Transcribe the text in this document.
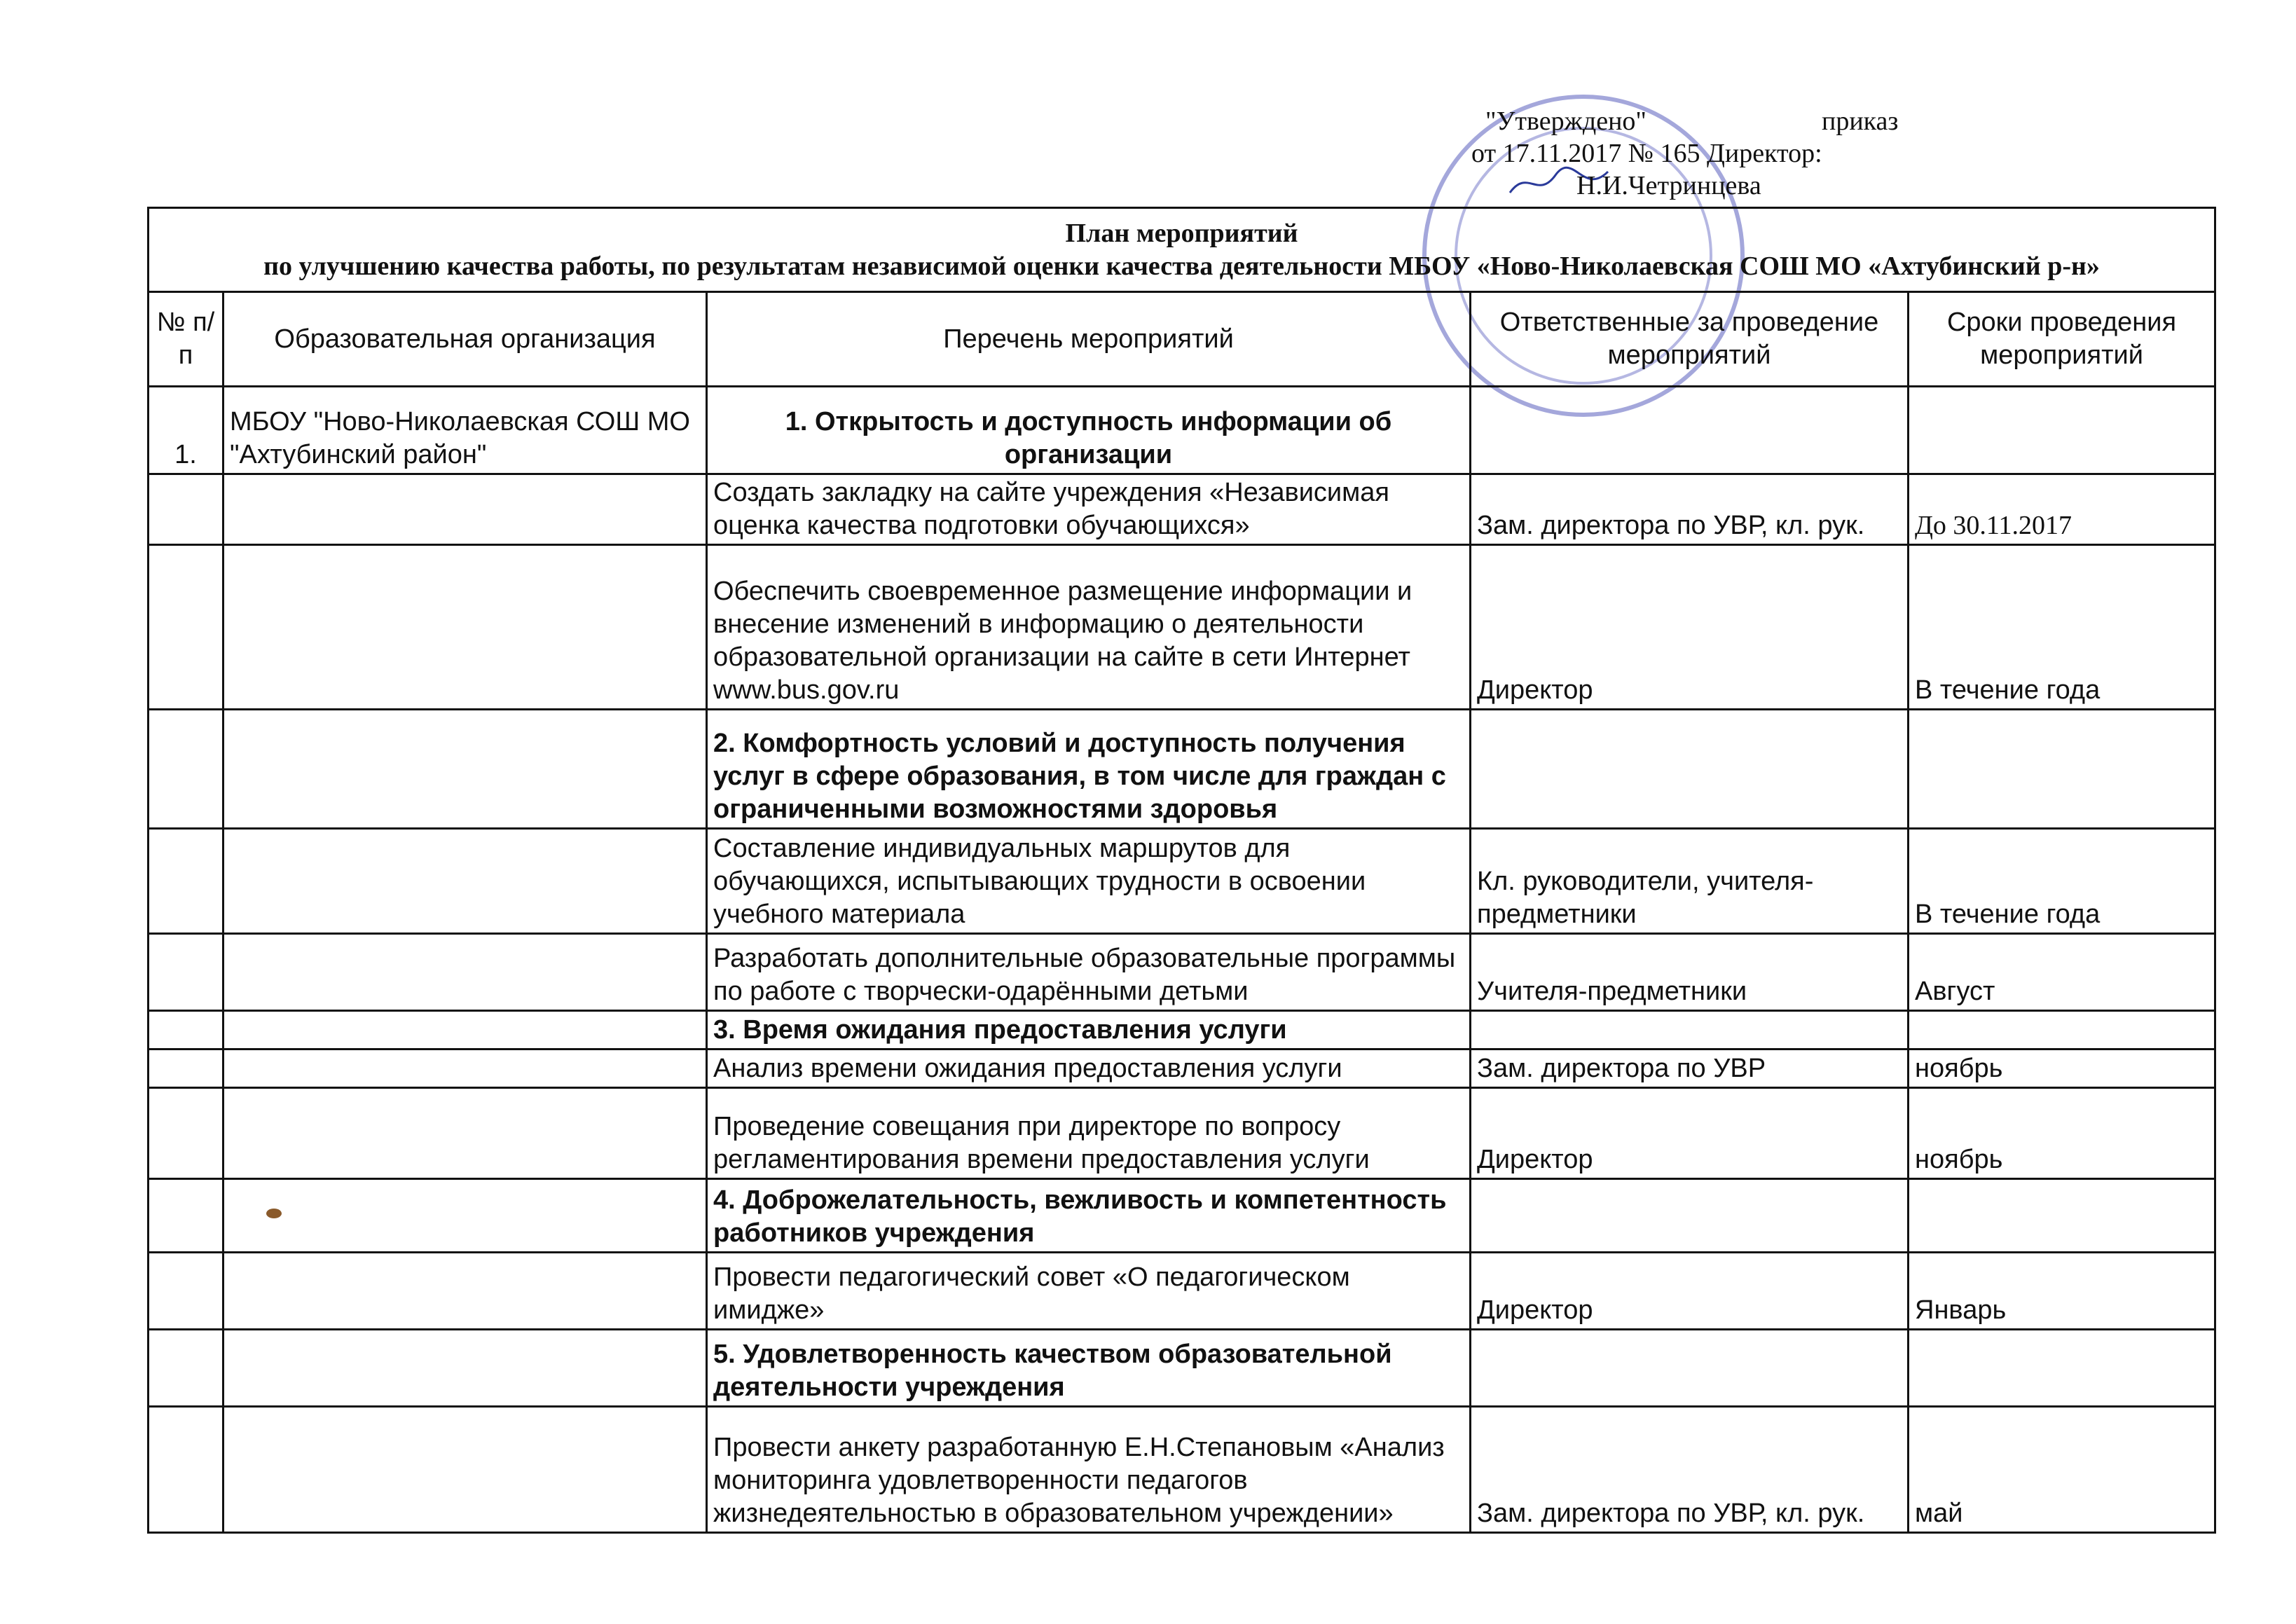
"Утверждено"	приказ
от 17.11.2017 № 165 Директор:
Н.И.Четринцева
План мероприятий
по улучшению качества работы, по результатам независимой оценки качества деятельности МБОУ «Ново-Николаевская СОШ МО «Ахтубинский р-н»				

№ п/п	Образовательная организация	Перечень мероприятий	Ответственные за проведение мероприятий	Сроки проведения мероприятий
1.	МБОУ "Ново-Николаевская СОШ МО "Ахтубинский район"	1. Открытость и доступность информации об организации		
		Создать закладку на сайте учреждения «Независимая оценка качества подготовки обучающихся»	Зам. директора по УВР, кл. рук.	До 30.11.2017
		Обеспечить своевременное размещение информации и внесение изменений в информацию о деятельности образовательной организации на сайте в сети Интернет www.bus.gov.ru	Директор	В течение года
		2. Комфортность условий и доступность получения услуг в сфере образования, в том числе для граждан с ограниченными возможностями здоровья		
		Составление индивидуальных маршрутов для обучающихся, испытывающих трудности в освоении учебного материала	Кл. руководители, учителя-предметники	В течение года
		Разработать дополнительные образовательные программы по работе с творчески-одарёнными детьми	Учителя-предметники	Август
		3. Время ожидания предоставления услуги		
		Анализ времени ожидания предоставления услуги	Зам. директора по УВР	ноябрь
		Проведение совещания при директоре по вопросу регламентирования времени предоставления услуги	Директор	ноябрь
		4. Доброжелательность, вежливость и компетентность работников учреждения		
		Провести педагогический совет «О педагогическом имидже»	Директор	Январь
		5. Удовлетворенность качеством образовательной деятельности учреждения		
		Провести анкету разработанную Е.Н.Степановым «Анализ мониторинга удовлетворенности педагогов жизнедеятельностью в образовательном учреждении»	Зам. директора по УВР, кл. рук.	май
